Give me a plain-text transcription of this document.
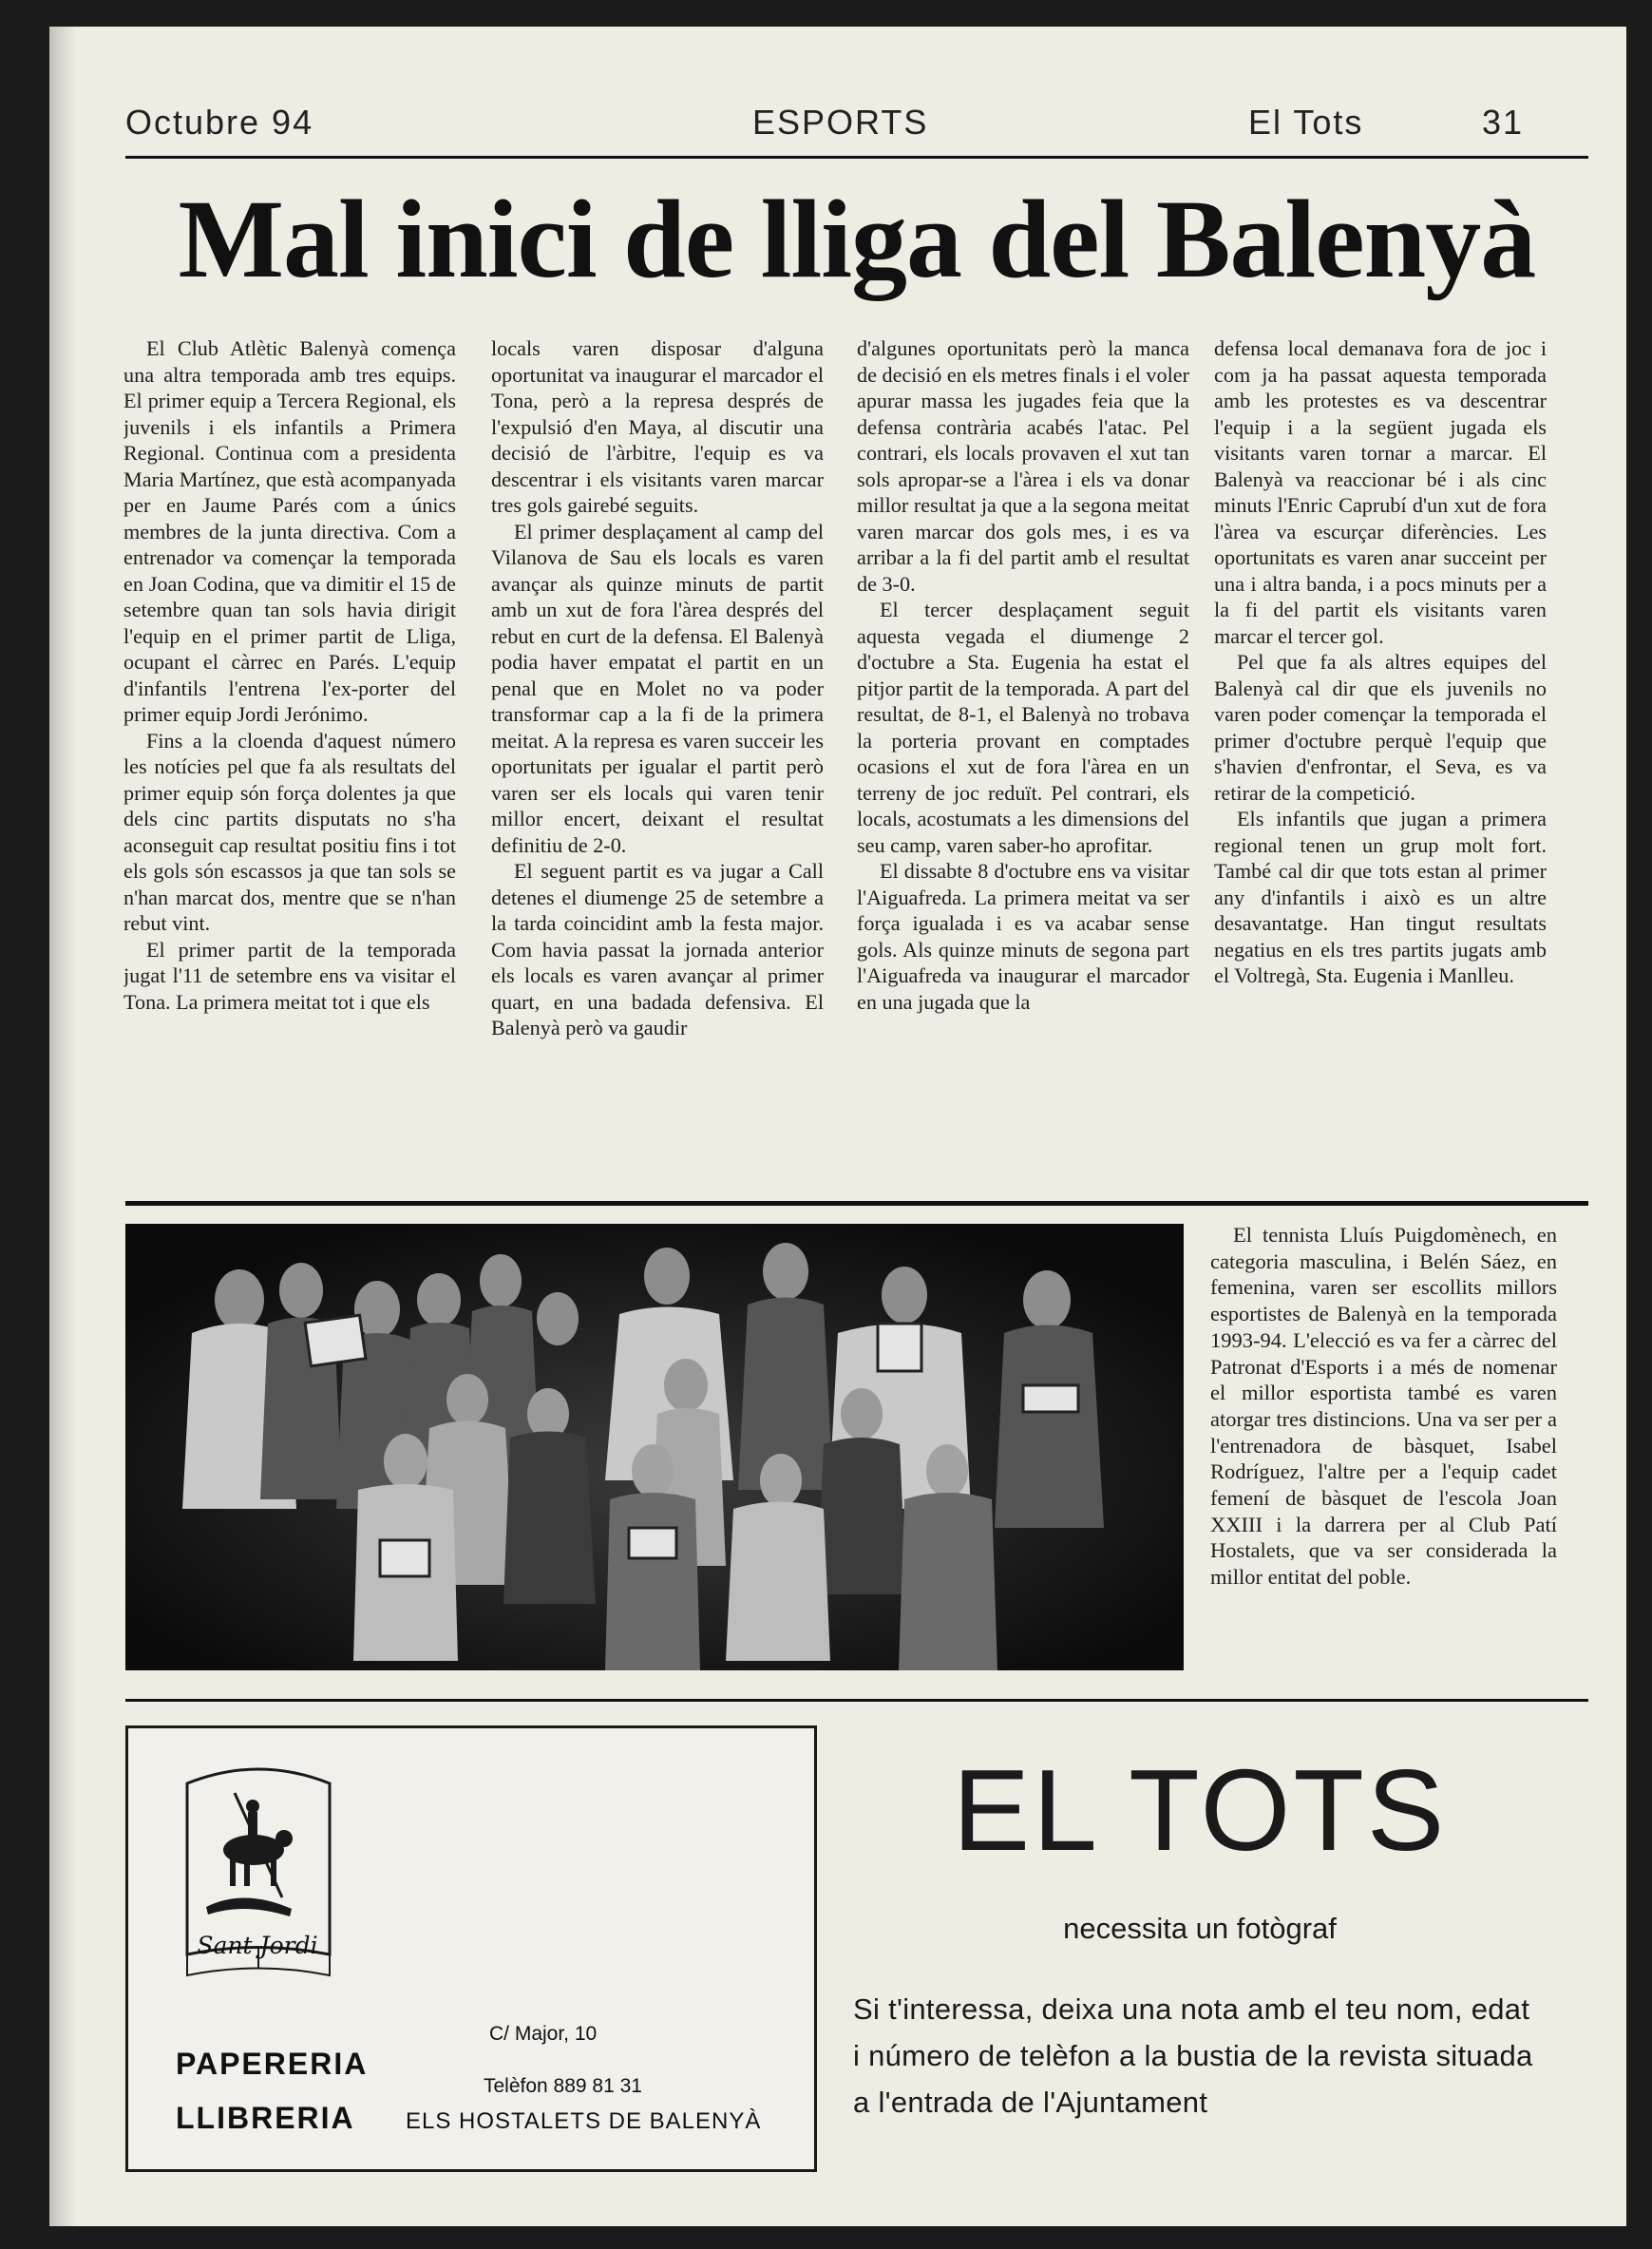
Octubre 94	ESPORTS	El Tots	31
Mal inici de lliga del Balenyà

El Club Atlètic Balenyà comença una altra temporada amb tres equips. El primer equip a Tercera Regional, els juvenils i els infantils a Primera Regional. Continua com a presidenta Maria Martínez, que està acompanyada per en Jaume Parés com a únics membres de la junta directiva. Com a entrenador va començar la temporada en Joan Codina, que va dimitir el 15 de setembre quan tan sols havia dirigit l'equip en el primer partit de Lliga, ocupant el càrrec en Parés. L'equip d'infantils l'entrena l'ex-porter del primer equip Jordi Jerónimo.

Fins a la cloenda d'aquest número les notícies pel que fa als resultats del primer equip són força dolentes ja que dels cinc partits disputats no s'ha aconseguit cap resultat positiu fins i tot els gols són escassos ja que tan sols se n'han marcat dos, mentre que se n'han rebut vint.

El primer partit de la temporada jugat l'11 de setembre ens va visitar el Tona. La primera meitat tot i que els

locals varen disposar d'alguna oportunitat va inaugurar el marcador el Tona, però a la represa després de l'expulsió d'en Maya, al discutir una decisió de l'àrbitre, l'equip es va descentrar i els visitants varen marcar tres gols gairebé seguits.

El primer desplaçament al camp del Vilanova de Sau els locals es varen avançar als quinze minuts de partit amb un xut de fora l'àrea després del rebut en curt de la defensa. El Balenyà podia haver empatat el partit en un penal que en Molet no va poder transformar cap a la fi de la primera meitat. A la represa es varen succeir les oportunitats per igualar el partit però varen ser els locals qui varen tenir millor encert, deixant el resultat definitiu de 2-0.

El seguent partit es va jugar a Call detenes el diumenge 25 de setembre a la tarda coincidint amb la festa major. Com havia passat la jornada anterior els locals es varen avançar al primer quart, en una badada defensiva. El Balenyà però va gaudir

d'algunes oportunitats però la manca de decisió en els metres finals i el voler apurar massa les jugades feia que la defensa contrària acabés l'atac. Pel contrari, els locals provaven el xut tan sols apropar-se a l'àrea i els va donar millor resultat ja que a la segona meitat varen marcar dos gols mes, i es va arribar a la fi del partit amb el resultat de 3-0.

El tercer desplaçament seguit aquesta vegada el diumenge 2 d'octubre a Sta. Eugenia ha estat el pitjor partit de la temporada. A part del resultat, de 8-1, el Balenyà no trobava la porteria provant en comptades ocasions el xut de fora l'àrea en un terreny de joc reduït. Pel contrari, els locals, acostumats a les dimensions del seu camp, varen saber-ho aprofitar.

El dissabte 8 d'octubre ens va visitar l'Aiguafreda. La primera meitat va ser força igualada i es va acabar sense gols. Als quinze minuts de segona part l'Aiguafreda va inaugurar el marcador en una jugada que la

defensa local demanava fora de joc i com ja ha passat aquesta temporada amb les protestes es va descentrar l'equip i a la següent jugada els visitants varen tornar a marcar. El Balenyà va reaccionar bé i als cinc minuts l'Enric Caprubí d'un xut de fora l'àrea va escurçar diferències. Les oportunitats es varen anar succeint per una i altra banda, i a pocs minuts per a la fi del partit els visitants varen marcar el tercer gol.

Pel que fa als altres equipes del Balenyà cal dir que els juvenils no varen poder començar la temporada el primer d'octubre perquè l'equip que s'havien d'enfrontar, el Seva, es va retirar de la competició.

Els infantils que jugan a primera regional tenen un grup molt fort. També cal dir que tots estan al primer any d'infantils i això es un altre desavantatge. Han tingut resultats negatius en els tres partits jugats amb el Voltregà, Sta. Eugenia i Manlleu.

El tennista Lluís Puigdomènech, en categoria masculina, i Belén Sáez, en femenina, varen ser escollits millors esportistes de Balenyà en la temporada 1993-94. L'elecció es va fer a càrrec del Patronat d'Esports i a més de nomenar el millor esportista també es varen atorgar tres distincions. Una va ser per a l'entrenadora de bàsquet, Isabel Rodríguez, l'altre per a l'equip cadet femení de bàsquet de l'escola Joan XXIII i la darrera per al Club Patí Hostalets, que va ser considerada la millor entitat del poble.

Sant Jordi
PAPERERIA
LLIBRERIA
C/ Major, 10
Telèfon 889 81 31
ELS HOSTALETS DE BALENYÀ
EL TOTS
necessita un fotògraf
Si t'interessa, deixa una nota amb el teu nom, edat i número de telèfon a la bustia de la revista situada a l'entrada de l'Ajuntament
